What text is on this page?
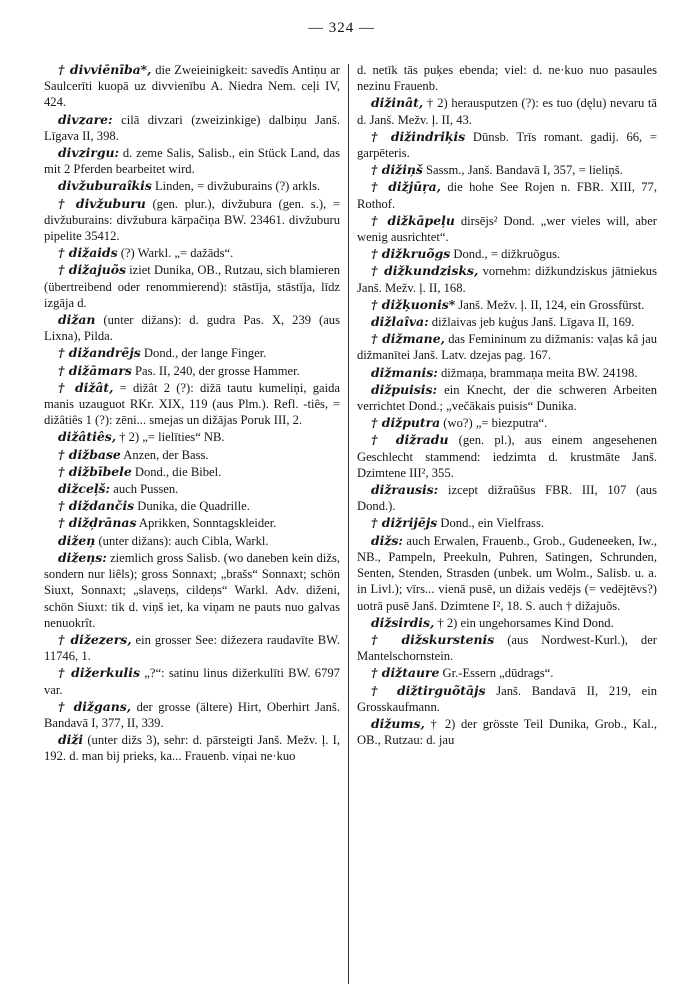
— 324 —

† divviēnība*, die Zweieinigkeit: savedīs Antiņu ar Saulcerīti kuopā uz divvienību A. Niedra Nem. ceļi IV, 424.

divzare: cilā divzari (zweizinkige) dalbiņu Janš. Līgava II, 398.

divzirgu: d. zeme Salis, Salisb., ein Stück Land, das mit 2 Pferden bearbeitet wird.

divžuburaîkis Linden, = divžuburains (?) arkls.

† divžuburu (gen. plur.), divžubura (gen. s.), = divžuburains: divžubura kārpačiņa BW. 23461. divžuburu pipelite 35412.

† dižaids (?) Warkl. „= dažāds“.

† dižajuõs iziet Dunika, OB., Rutzau, sich blamieren (übertreibend oder renommierend): stāstīja, stāstīja, līdz izgāja d.

dižan (unter dižans): d. gudra Pas. X, 239 (aus Lixna), Pilda.

† dižandrējs Dond., der lange Finger.

† dižāmars Pas. II, 240, der grosse Hammer.

† dižât, = dižât 2 (?): dižā tautu kumeliņi, gaida manis uzauguot RKr. XIX, 119 (aus Plm.). Refl. -tiês, = dižâtiês 1 (?): zēni... smejas un dižājas Poruk III, 2.

dižâtiês, † 2) „= lielīties“ NB.

† dižbase Anzen, der Bass.

† dižbībele Dond., die Bibel.

dižceļš: auch Pussen.

† diždančis Dunika, die Quadrille.

† dižd̦rānas Aprikken, Sonntagskleider.

dižeņ (unter dižans): auch Cibla, Warkl.

dižeņs: ziemlich gross Salisb. (wo daneben kein dižs, sondern nur liêls); gross Sonnaxt; „brašs“ Sonnaxt; schön Siuxt, Sonnaxt; „slaveņs, cildeņs“ Warkl. Adv. diženi, schön Siuxt: tik d. viņš iet, ka viņam ne pauts nuo galvas nenuokrît.

† dižezers, ein grosser See: dižezera raudavīte BW. 11746, 1.

† dižerkulis „?“: satinu linus dižerkulīti BW. 6797 var.

† dižgans, der grosse (ältere) Hirt, Oberhirt Janš. Bandavā I, 377, II, 339.

diži (unter dižs 3), sehr: d. pārsteigti Janš. Mežv. ļ. I, 192. d. man bij prieks, ka... Frauenb. viņai ne·kuo

d. netīk tās puķes ebenda; viel: d. ne·kuo nuo pasaules nezinu Frauenb.

dižinât, † 2) herausputzen (?): es tuo (dęlu) nevaru tā d. Janš. Mežv. ļ. II, 43.

† dižindriķis Dūnsb. Trīs romant. gadij. 66, = garpēteris.

† dižiņš Sassm., Janš. Bandavā I, 357, = lieliņš.

† dižjūŗa, die hohe See Rojen n. FBR. XIII, 77, Rothof.

† dižkāpeļu dirsējs² Dond. „wer vieles will, aber wenig ausrichtet“.

† dižkruõgs Dond., = dižkruõgus.

† dižkundzisks, vornehm: dižkundziskus jātniekus Janš. Mežv. ļ. II, 168.

† dižķuonis* Janš. Mežv. ļ. II, 124, ein Grossfürst.

dižlaîva: dižlaivas jeb kuģus Janš. Līgava II, 169.

† dižmane, das Femininum zu dižmanis: vaļas kâ jau dižmanītei Janš. Latv. dzejas pag. 167.

dižmanis: dižmaņa, brammaņa meita BW. 24198.

dižpuisis: ein Knecht, der die schweren Arbeiten verrichtet Dond.; „večākais puisis“ Dunika.

† dižputra (wo?) „= biezputra“.

† dižradu (gen. pl.), aus einem angesehenen Geschlecht stammend: iedzimta d. krustmāte Janš. Dzimtene III², 355.

dižrausis: izcept dižraũšus FBR. III, 107 (aus Dond.).

† dižrijējs Dond., ein Vielfrass.

dižs: auch Erwalen, Frauenb., Grob., Gudeneeken, Iw., NB., Pampeln, Preekuln, Puhren, Satingen, Schrunden, Senten, Stenden, Strasden (unbek. um Wolm., Salisb. u. a. in Livl.); vīrs... vienā pusē, un dižais vedējs (= vedējtēvs?) uotrā pusē Janš. Dzimtene I², 18. S. auch † dižajuõs.

dižsirdis, † 2) ein ungehorsames Kind Dond.

† dižskurstenis (aus Nordwest-Kurl.), der Mantelschornstein.

† dižtaure Gr.-Essern „dūdrags“.

† dižtirguõtājs Janš. Bandavā II, 219, ein Grosskaufmann.

dižums, † 2) der grösste Teil Dunika, Grob., Kal., OB., Rutzau: d. jau
